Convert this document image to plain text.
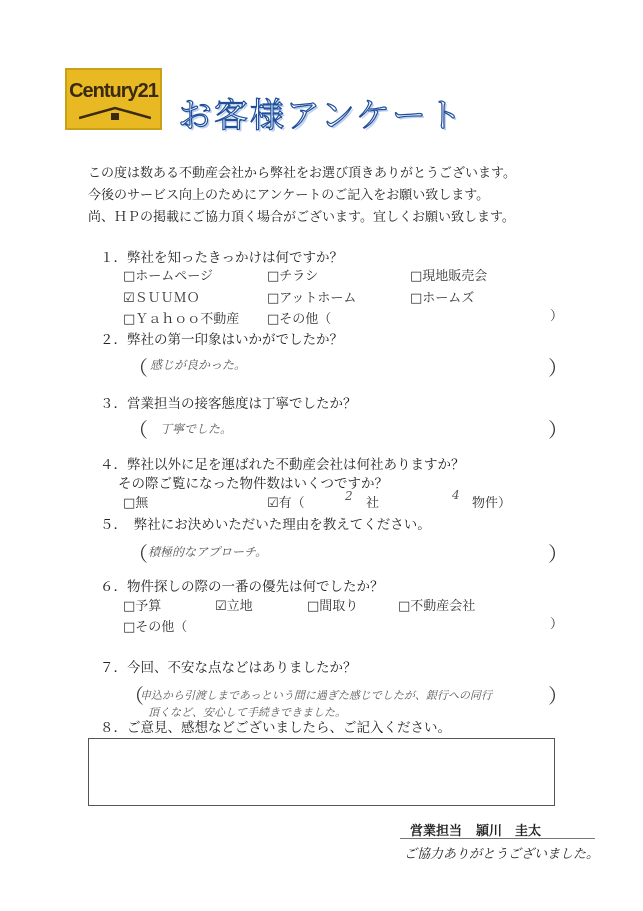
Century21
お客様アンケート
この度は数ある不動産会社から弊社をお選び頂きありがとうございます。
今後のサービス向上のためにアンケートのご記入をお願い致します。
尚、ＨＰの掲載にご協力頂く場合がございます。宜しくお願い致します。
１．弊社を知ったきっかけは何ですか？
□ホームページ	□チラシ	□現地販売会
☑ＳＵＵＭＯ	□アットホーム	□ホームズ
□Ｙａｈｏｏ不動産 □その他（	）
２．弊社の第一印象はいかがでしたか？
（ 感じが良かった。	）
３．営業担当の接客態度は丁寧でしたか？
（ 丁寧でした。	）
４．弊社以外に足を運ばれた不動産会社は何社ありますか？
その際ご覧になった物件数はいくつですか？
□無	☑有（	2 社
4
物件）
５．　弊社にお決めいただいた理由を教えてください。
（ 積極的なアプローチ。	）
６．物件探しの際の一番の優先は何でしたか？
□予算	☑立地	□間取り	□不動産会社
□その他（	）
７．今回、不安な点などはありましたか？
（
申込から引渡しまであっという間に過ぎた感じでしたが、銀行への同行	）
頂くなど、安心して手続きできました。
８．ご意見、感想などございましたら、ご記入ください。
営業担当 頴川　圭太
ご協力ありがとうございました。
